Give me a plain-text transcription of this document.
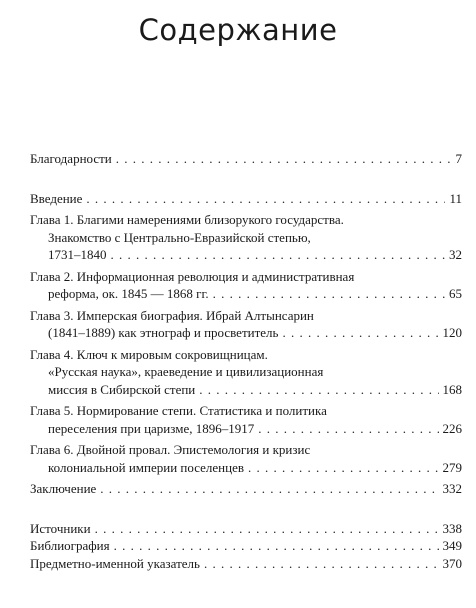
Содержание
Благодарности . . .	7
Введение . . .	11
Глава 1. Благими намерениями близорукого государства.
Знакомство с Центрально-Евразийской степью,
1731–1840 . . .	32
Глава 2. Информационная революция и административная
реформа, ок. 1845 — 1868 гг. . . .	65
Глава 3. Имперская биография. Ибрай Алтынсарин
(1841–1889) как этнограф и просветитель . . .	120
Глава 4. Ключ к мировым сокровищницам.
«Русская наука», краеведение и цивилизационная
миссия в Сибирской степи . . .	168
Глава 5. Нормирование степи. Статистика и политика
переселения при царизме, 1896–1917 . . .	226
Глава 6. Двойной провал. Эпистемология и кризис
колониальной империи поселенцев . . .	279
Заключение . . .	332
Источники . . .	338
Библиография . . .	349
Предметно-именной указатель . . .	370
